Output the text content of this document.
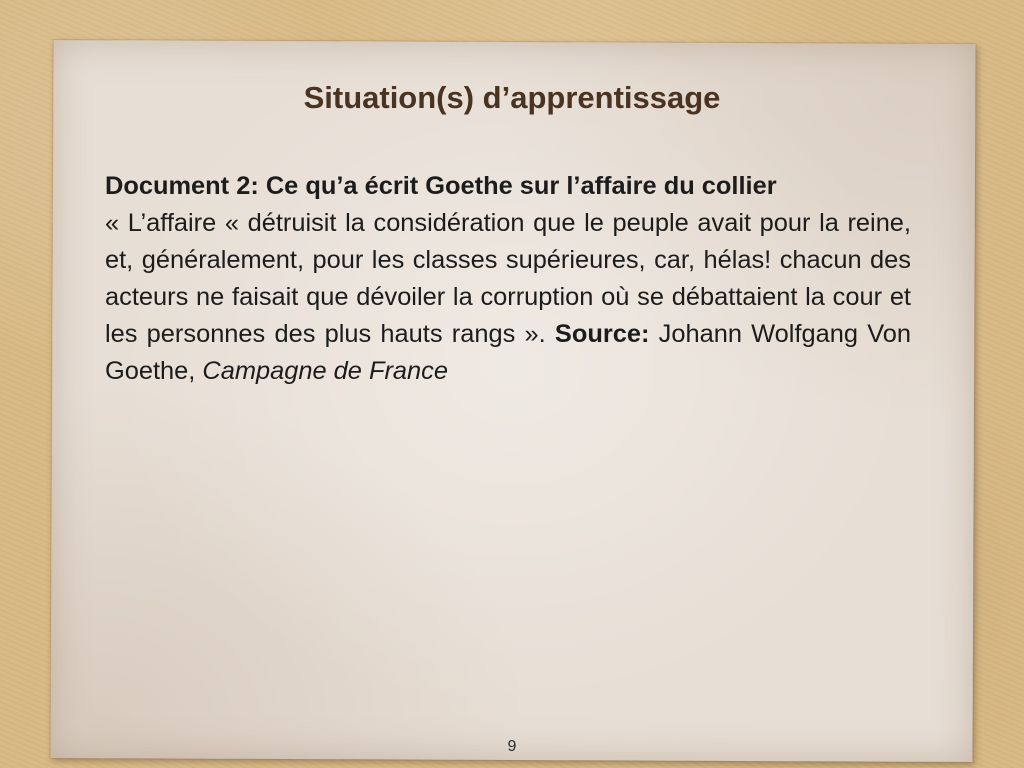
Situation(s) d’apprentissage

Document 2: Ce qu’a écrit Goethe sur l’affaire du collier

« L’affaire « détruisit la considération que le peuple avait pour la reine, et, généralement, pour les classes supérieures, car, hélas! chacun des acteurs ne faisait que dévoiler la corruption où se débattaient la cour et les personnes des plus hauts rangs ». Source: Johann Wolfgang Von Goethe, Campagne de France

9
